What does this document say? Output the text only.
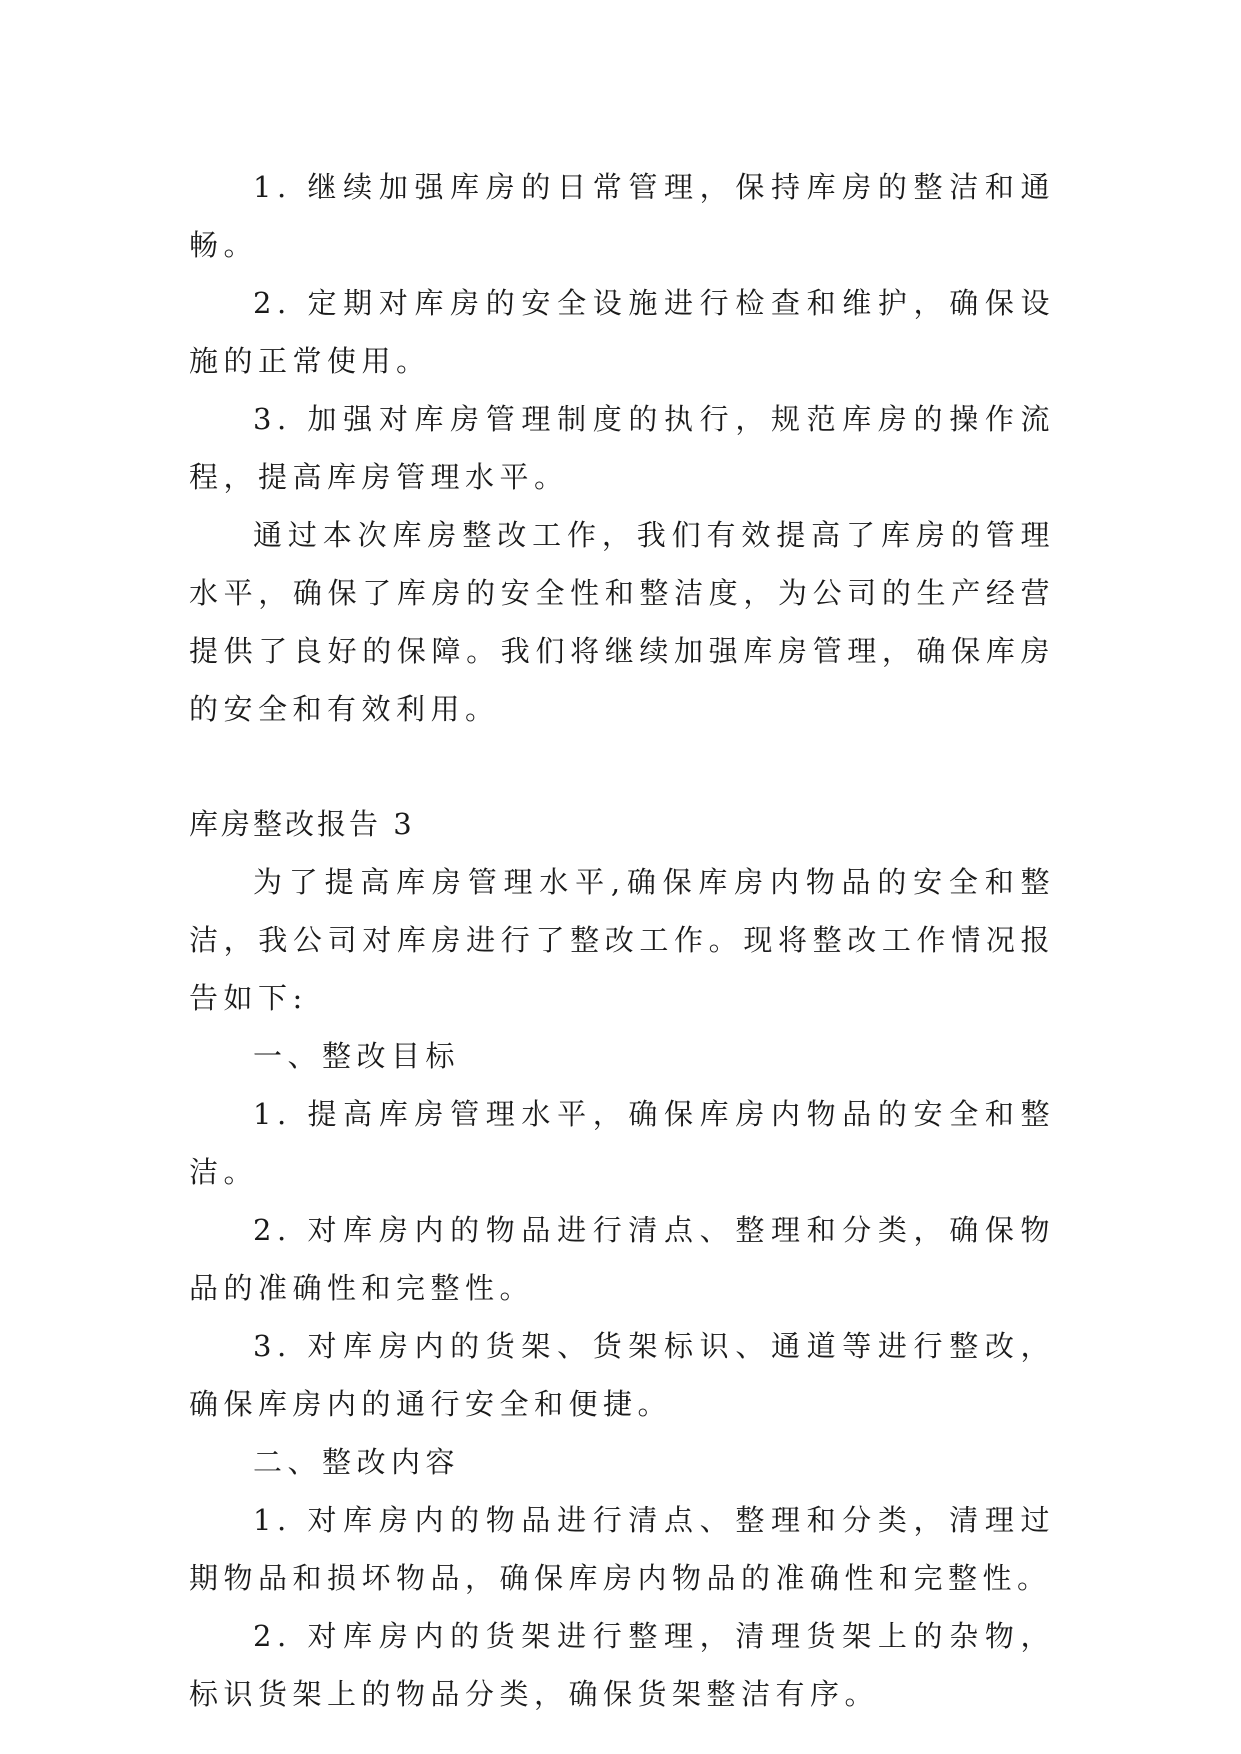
1. 继续加强库房的日常管理，保持库房的整洁和通畅。

2. 定期对库房的安全设施进行检查和维护，确保设施的正常使用。

3. 加强对库房管理制度的执行，规范库房的操作流程，提高库房管理水平。

通过本次库房整改工作，我们有效提高了库房的管理水平，确保了库房的安全性和整洁度，为公司的生产经营提供了良好的保障。我们将继续加强库房管理，确保库房的安全和有效利用。

库房整改报告 3

为了提高库房管理水平,确保库房内物品的安全和整洁，我公司对库房进行了整改工作。现将整改工作情况报告如下:

一、整改目标

1. 提高库房管理水平，确保库房内物品的安全和整洁。

2. 对库房内的物品进行清点、整理和分类，确保物品的准确性和完整性。

3. 对库房内的货架、货架标识、通道等进行整改，确保库房内的通行安全和便捷。

二、整改内容

1. 对库房内的物品进行清点、整理和分类，清理过期物品和损坏物品，确保库房内物品的准确性和完整性。

2. 对库房内的货架进行整理，清理货架上的杂物，标识货架上的物品分类，确保货架整洁有序。
